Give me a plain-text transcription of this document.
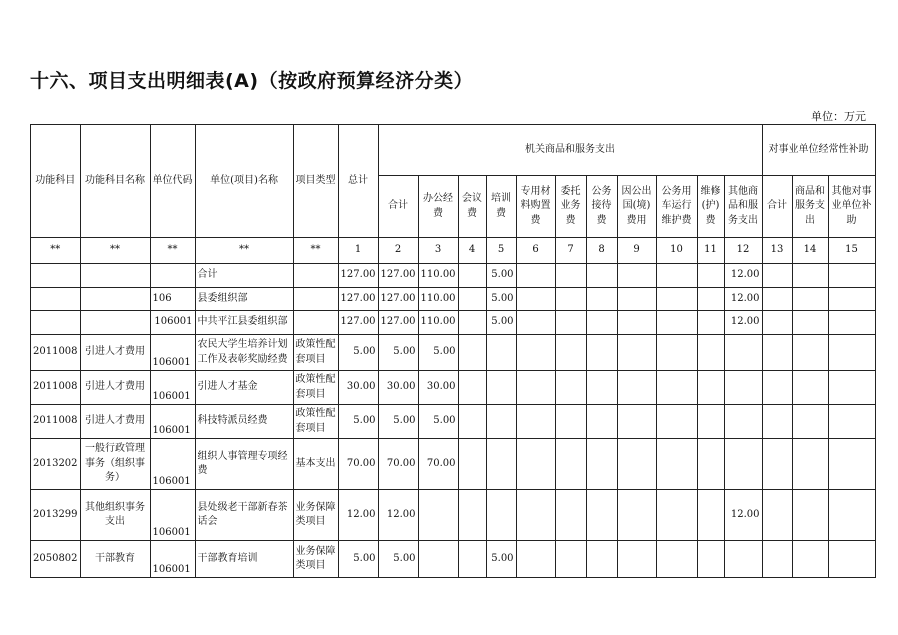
十六、项目支出明细表(A)（按政府预算经济分类）
单位：万元
功能科目	功能科目名称	单位代码	单位(项目)名称	项目类型	总计	机关商品和服务支出											对事业单位经常性补助		
						合计	办公经费	会议费	培训费	专用材料购置费	委托业务费	公务接待费	因公出国(境)费用	公务用车运行维护费	维修(护)费	其他商品和服务支出	合计	商品和服务支出	其他对事业单位补助
**	**	**	**	**	1	2	3	4	5	6	7	8	9	10	11	12	13	14	15
			合计		127.00	127.00	110.00		5.00							12.00			
		106	县委组织部		127.00	127.00	110.00		5.00							12.00			
		106001	中共平江县委组织部		127.00	127.00	110.00		5.00							12.00			
2011008	引进人才费用	106001	农民大学生培养计划工作及表彰奖励经费	政策性配套项目	5.00	5.00	5.00												
2011008	引进人才费用	106001	引进人才基金	政策性配套项目	30.00	30.00	30.00												
2011008	引进人才费用	106001	科技特派员经费	政策性配套项目	5.00	5.00	5.00												
2013202	一般行政管理事务（组织事务）	106001	组织人事管理专项经费	基本支出	70.00	70.00	70.00												
2013299	其他组织事务支出	106001	县处级老干部新春茶话会	业务保障类项目	12.00	12.00										12.00			
2050802	干部教育	106001	干部教育培训	业务保障类项目	5.00	5.00			5.00										
